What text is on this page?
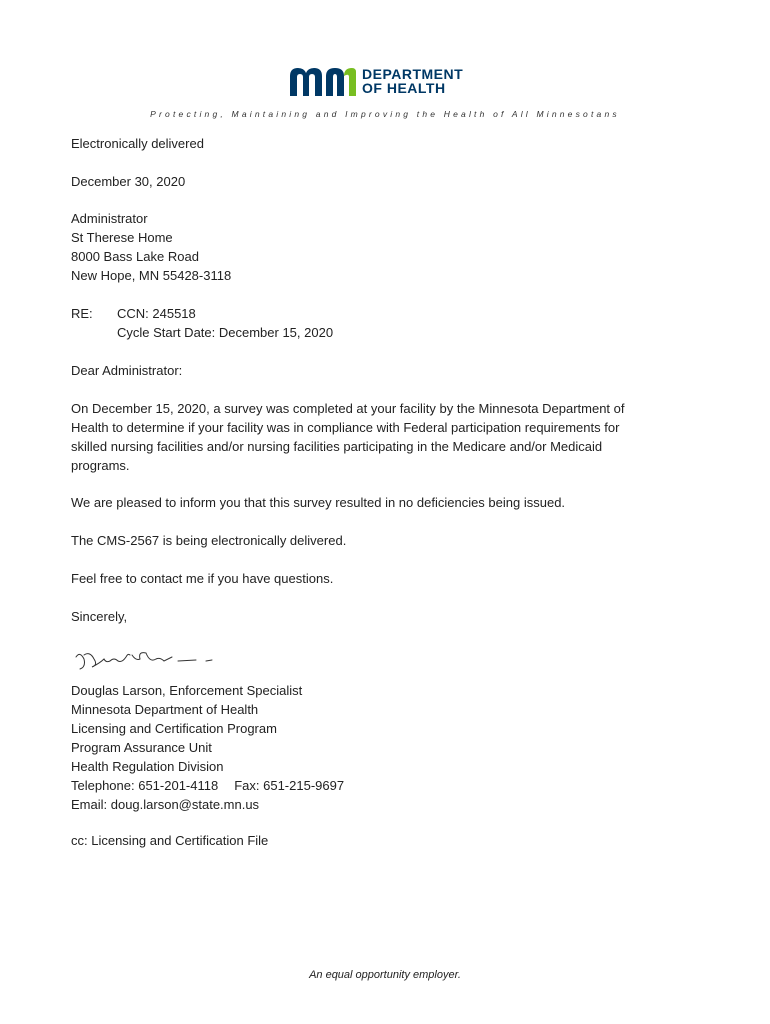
DEPARTMENT
OF HEALTH
Protecting, Maintaining and Improving the Health of All Minnesotans
Electronically delivered
December 30, 2020
Administrator
St Therese Home
8000 Bass Lake Road
New Hope, MN 55428-3118
RE: CCN: 245518
Cycle Start Date: December 15, 2020
Dear Administrator:
On December 15, 2020, a survey was completed at your facility by the Minnesota Department of
Health to determine if your facility was in compliance with Federal participation requirements for
skilled nursing facilities and/or nursing facilities participating in the Medicare and/or Medicaid
programs.
We are pleased to inform you that this survey resulted in no deficiencies being issued.
The CMS-2567 is being electronically delivered.
Feel free to contact me if you have questions.
Sincerely,
Douglas Larson, Enforcement Specialist
Minnesota Department of Health
Licensing and Certification Program
Program Assurance Unit
Health Regulation Division
Telephone: 651-201-4118 Fax: 651-215-9697
Email: doug.larson@state.mn.us
cc: Licensing and Certification File
An equal opportunity employer.
